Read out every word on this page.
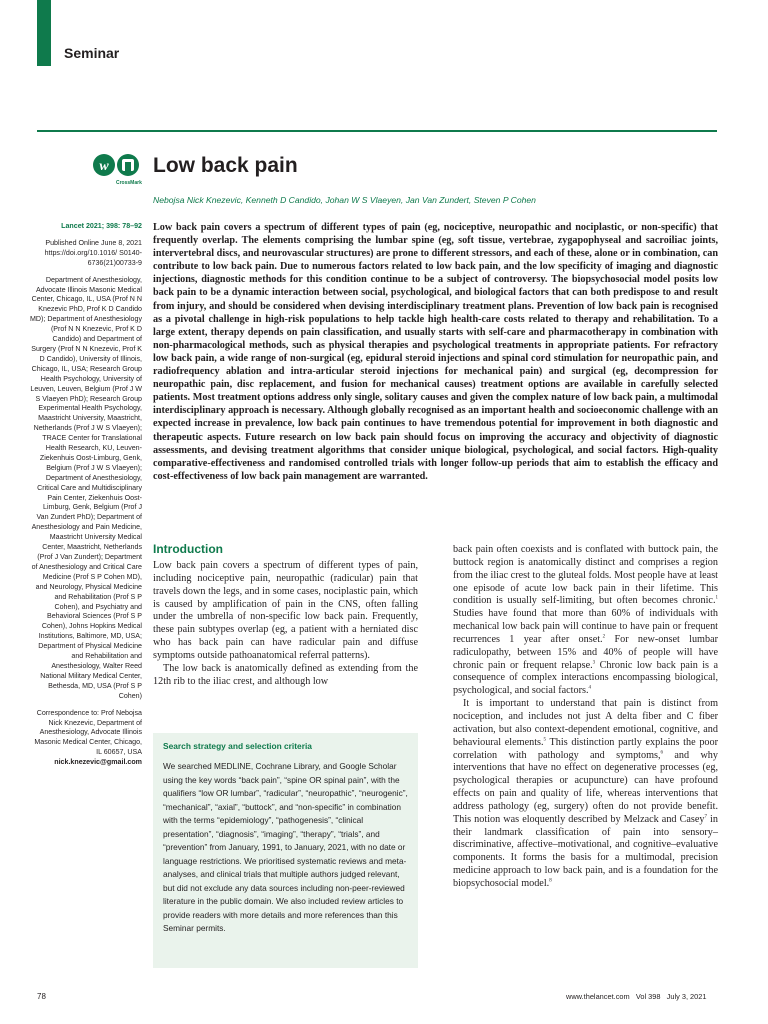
Seminar
w
CrossMark
Low back pain
Nebojsa Nick Knezevic, Kenneth D Candido, Johan W S Vlaeyen, Jan Van Zundert, Steven P Cohen

Lancet 2021; 398: 78–92

Published Online June 8, 2021 https://doi.org/10.1016/ S0140-6736(21)00733-9

Department of Anesthesiology, Advocate Illinois Masonic Medical Center, Chicago, IL, USA (Prof N N Knezevic PhD, Prof K D Candido MD); Department of Anesthesiology (Prof N N Knezevic, Prof K D Candido) and Department of Surgery (Prof N N Knezevic, Prof K D Candido), University of Illinois, Chicago, IL, USA; Research Group Health Psychology, University of Leuven, Leuven, Belgium (Prof J W S Vlaeyen PhD); Research Group Experimental Health Psychology, Maastricht University, Maastricht, Netherlands (Prof J W S Vlaeyen); TRACE Center for Translational Health Research, KU, Leuven-Ziekenhuis Oost-Limburg, Genk, Belgium (Prof J W S Vlaeyen); Department of Anesthesiology, Critical Care and Multidisciplinary Pain Center, Ziekenhuis Oost-Limburg, Genk, Belgium (Prof J Van Zundert PhD); Department of Anesthesiology and Pain Medicine, Maastricht University Medical Center, Maastricht, Netherlands (Prof J Van Zundert); Department of Anesthesiology and Critical Care Medicine (Prof S P Cohen MD), and Neurology, Physical Medicine and Rehabilitation (Prof S P Cohen), and Psychiatry and Behavioral Sciences (Prof S P Cohen), Johns Hopkins Medical Institutions, Baltimore, MD, USA; Department of Physical Medicine and Rehabilitation and Anesthesiology, Walter Reed National Military Medical Center, Bethesda, MD, USA (Prof S P Cohen)

Correspondence to: Prof Nebojsa Nick Knezevic, Department of Anesthesiology, Advocate Illinois Masonic Medical Center, Chicago, IL 60657, USA

nick.knezevic@gmail.com

Low back pain covers a spectrum of different types of pain (eg, nociceptive, neuropathic and nociplastic, or non-specific) that frequently overlap. The elements comprising the lumbar spine (eg, soft tissue, vertebrae, zygapophyseal and sacroiliac joints, intervertebral discs, and neurovascular structures) are prone to different stressors, and each of these, alone or in combination, can contribute to low back pain. Due to numerous factors related to low back pain, and the low specificity of imaging and diagnostic injections, diagnostic methods for this condition continue to be a subject of controversy. The biopsychosocial model posits low back pain to be a dynamic interaction between social, psychological, and biological factors that can both predispose to and result from injury, and should be considered when devising interdisciplinary treatment plans. Prevention of low back pain is recognised as a pivotal challenge in high-risk populations to help tackle high health-care costs related to therapy and rehabilitation. To a large extent, therapy depends on pain classification, and usually starts with self-care and pharmacotherapy in combination with non-pharmacological methods, such as physical therapies and psychological treatments in appropriate patients. For refractory low back pain, a wide range of non-surgical (eg, epidural steroid injections and spinal cord stimulation for neuropathic pain, and radiofrequency ablation and intra-articular steroid injections for mechanical pain) and surgical (eg, decompression for neuropathic pain, disc replacement, and fusion for mechanical causes) treatment options are available in carefully selected patients. Most treatment options address only single, solitary causes and given the complex nature of low back pain, a multimodal interdisciplinary approach is necessary. Although globally recognised as an important health and socioeconomic challenge with an expected increase in prevalence, low back pain continues to have tremendous potential for improvement in both diagnostic and therapeutic aspects. Future research on low back pain should focus on improving the accuracy and objectivity of diagnostic assessments, and devising treatment algorithms that consider unique biological, psychological, and social factors. High-quality comparative-effectiveness and randomised controlled trials with longer follow-up periods that aim to establish the efficacy and cost-effectiveness of low back pain management are warranted.

Introduction

Low back pain covers a spectrum of different types of pain, including nociceptive pain, neuropathic (radicular) pain that travels down the legs, and in some cases, nociplastic pain, which is caused by amplification of pain in the CNS, often falling under the umbrella of non-specific low back pain. Frequently, these pain subtypes overlap (eg, a patient with a herniated disc who has back pain can have radicular pain and diffuse symptoms outside pathoanatomical referral patterns).

The low back is anatomically defined as extending from the 12th rib to the iliac crest, and although low

Search strategy and selection criteria
We searched MEDLINE, Cochrane Library, and Google Scholar using the key words “back pain”, “spine OR spinal pain”, with the qualifiers “low OR lumbar”, “radicular”, “neuropathic”, “neurogenic”, “mechanical”, “axial”, “buttock”, and “non-specific” in combination with the terms “epidemiology”, “pathogenesis”, “clinical presentation”, “diagnosis”, “imaging”, “therapy”, “trials”, and “prevention” from January, 1991, to January, 2021, with no date or language restrictions. We prioritised systematic reviews and meta-analyses, and clinical trials that multiple authors judged relevant, but did not exclude any data sources including non-peer-reviewed literature in the public domain. We also included review articles to provide readers with more details and more references than this Seminar permits.

back pain often coexists and is conflated with buttock pain, the buttock region is anatomically distinct and comprises a region from the iliac crest to the gluteal folds. Most people have at least one episode of acute low back pain in their lifetime. This condition is usually self-limiting, but often becomes chronic.$^1$ Studies have found that more than 60% of individuals with mechanical low back pain will continue to have pain or frequent recurrences 1 year after onset.$^2$ For new-onset lumbar radiculopathy, between 15% and 40% of people will have chronic pain or frequent relapse.$^3$ Chronic low back pain is a consequence of complex interactions encompassing biological, psychological, and social factors.$^4$

It is important to understand that pain is distinct from nociception, and includes not just A delta fiber and C fiber activation, but also context-dependent emotional, cognitive, and behavioural elements.$^5$ This distinction partly explains the poor correlation with pathology and symptoms,$^6$ and why interventions that have no effect on degenerative processes (eg, psychological therapies or acupuncture) can have profound effects on pain and quality of life, whereas interventions that address pathology (eg, surgery) often do not provide benefit. This notion was eloquently described by Melzack and Casey$^7$ in their landmark classification of pain into sensory–discriminative, affective–motivational, and cognitive–evaluative components. It forms the basis for a multimodal, precision medicine approach to low back pain, and is a foundation for the biopsychosocial model.$^8$

78	www.thelancet.com   Vol 398   July 3, 2021
